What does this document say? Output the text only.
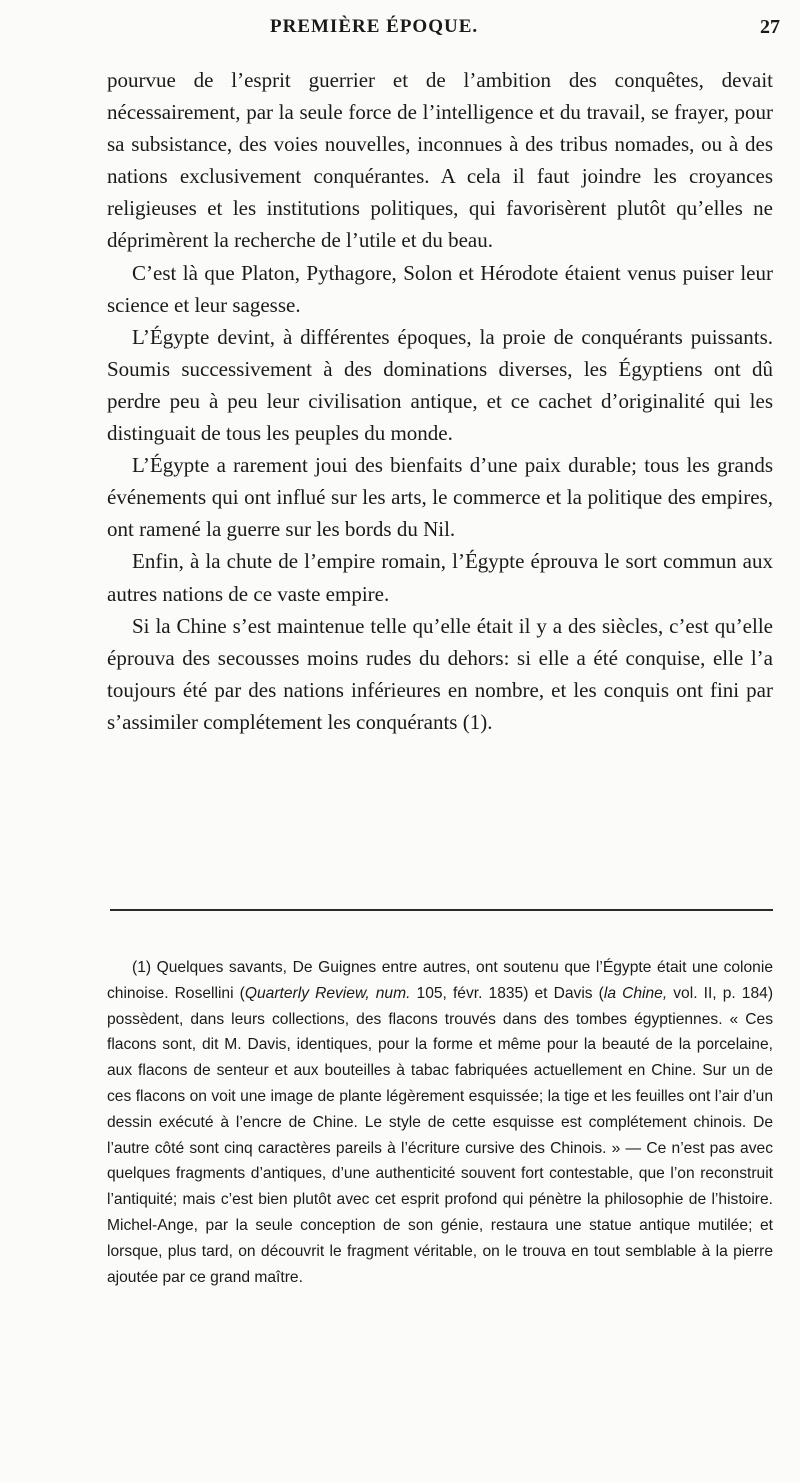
PREMIÈRE ÉPOQUE.	27

pourvue de l’esprit guerrier et de l’ambition des conquêtes, devait nécessairement, par la seule force de l’intelligence et du travail, se frayer, pour sa subsistance, des voies nouvelles, inconnues à des tribus nomades, ou à des nations exclusivement conquérantes. A cela il faut joindre les croyances religieuses et les institutions politiques, qui favorisèrent plutôt qu’elles ne déprimèrent la recherche de l’utile et du beau.

C’est là que Platon, Pythagore, Solon et Hérodote étaient venus puiser leur science et leur sagesse.

L’Égypte devint, à différentes époques, la proie de conquérants puissants. Soumis successivement à des dominations diverses, les Égyptiens ont dû perdre peu à peu leur civilisation antique, et ce cachet d’originalité qui les distinguait de tous les peuples du monde.

L’Égypte a rarement joui des bienfaits d’une paix durable; tous les grands événements qui ont influé sur les arts, le commerce et la politique des empires, ont ramené la guerre sur les bords du Nil.

Enfin, à la chute de l’empire romain, l’Égypte éprouva le sort commun aux autres nations de ce vaste empire.

Si la Chine s’est maintenue telle qu’elle était il y a des siècles, c’est qu’elle éprouva des secousses moins rudes du dehors: si elle a été conquise, elle l’a toujours été par des nations inférieures en nombre, et les conquis ont fini par s’assimiler complétement les conquérants (1).

(1) Quelques savants, De Guignes entre autres, ont soutenu que l’Égypte était une colonie chinoise. Rosellini (Quarterly Review, num. 105, févr. 1835) et Davis (la Chine, vol. II, p. 184) possèdent, dans leurs collections, des flacons trouvés dans des tombes égyptiennes. « Ces flacons sont, dit M. Davis, identiques, pour la forme et même pour la beauté de la porcelaine, aux flacons de senteur et aux bouteilles à tabac fabriquées actuellement en Chine. Sur un de ces flacons on voit une image de plante légèrement esquissée; la tige et les feuilles ont l’air d’un dessin exécuté à l’encre de Chine. Le style de cette esquisse est complétement chinois. De l’autre côté sont cinq caractères pareils à l’écriture cursive des Chinois. » — Ce n’est pas avec quelques fragments d’antiques, d’une authenticité souvent fort contestable, que l’on reconstruit l’antiquité; mais c’est bien plutôt avec cet esprit profond qui pénètre la philosophie de l’histoire. Michel-Ange, par la seule conception de son génie, restaura une statue antique mutilée; et lorsque, plus tard, on découvrit le fragment véritable, on le trouva en tout semblable à la pierre ajoutée par ce grand maître.
